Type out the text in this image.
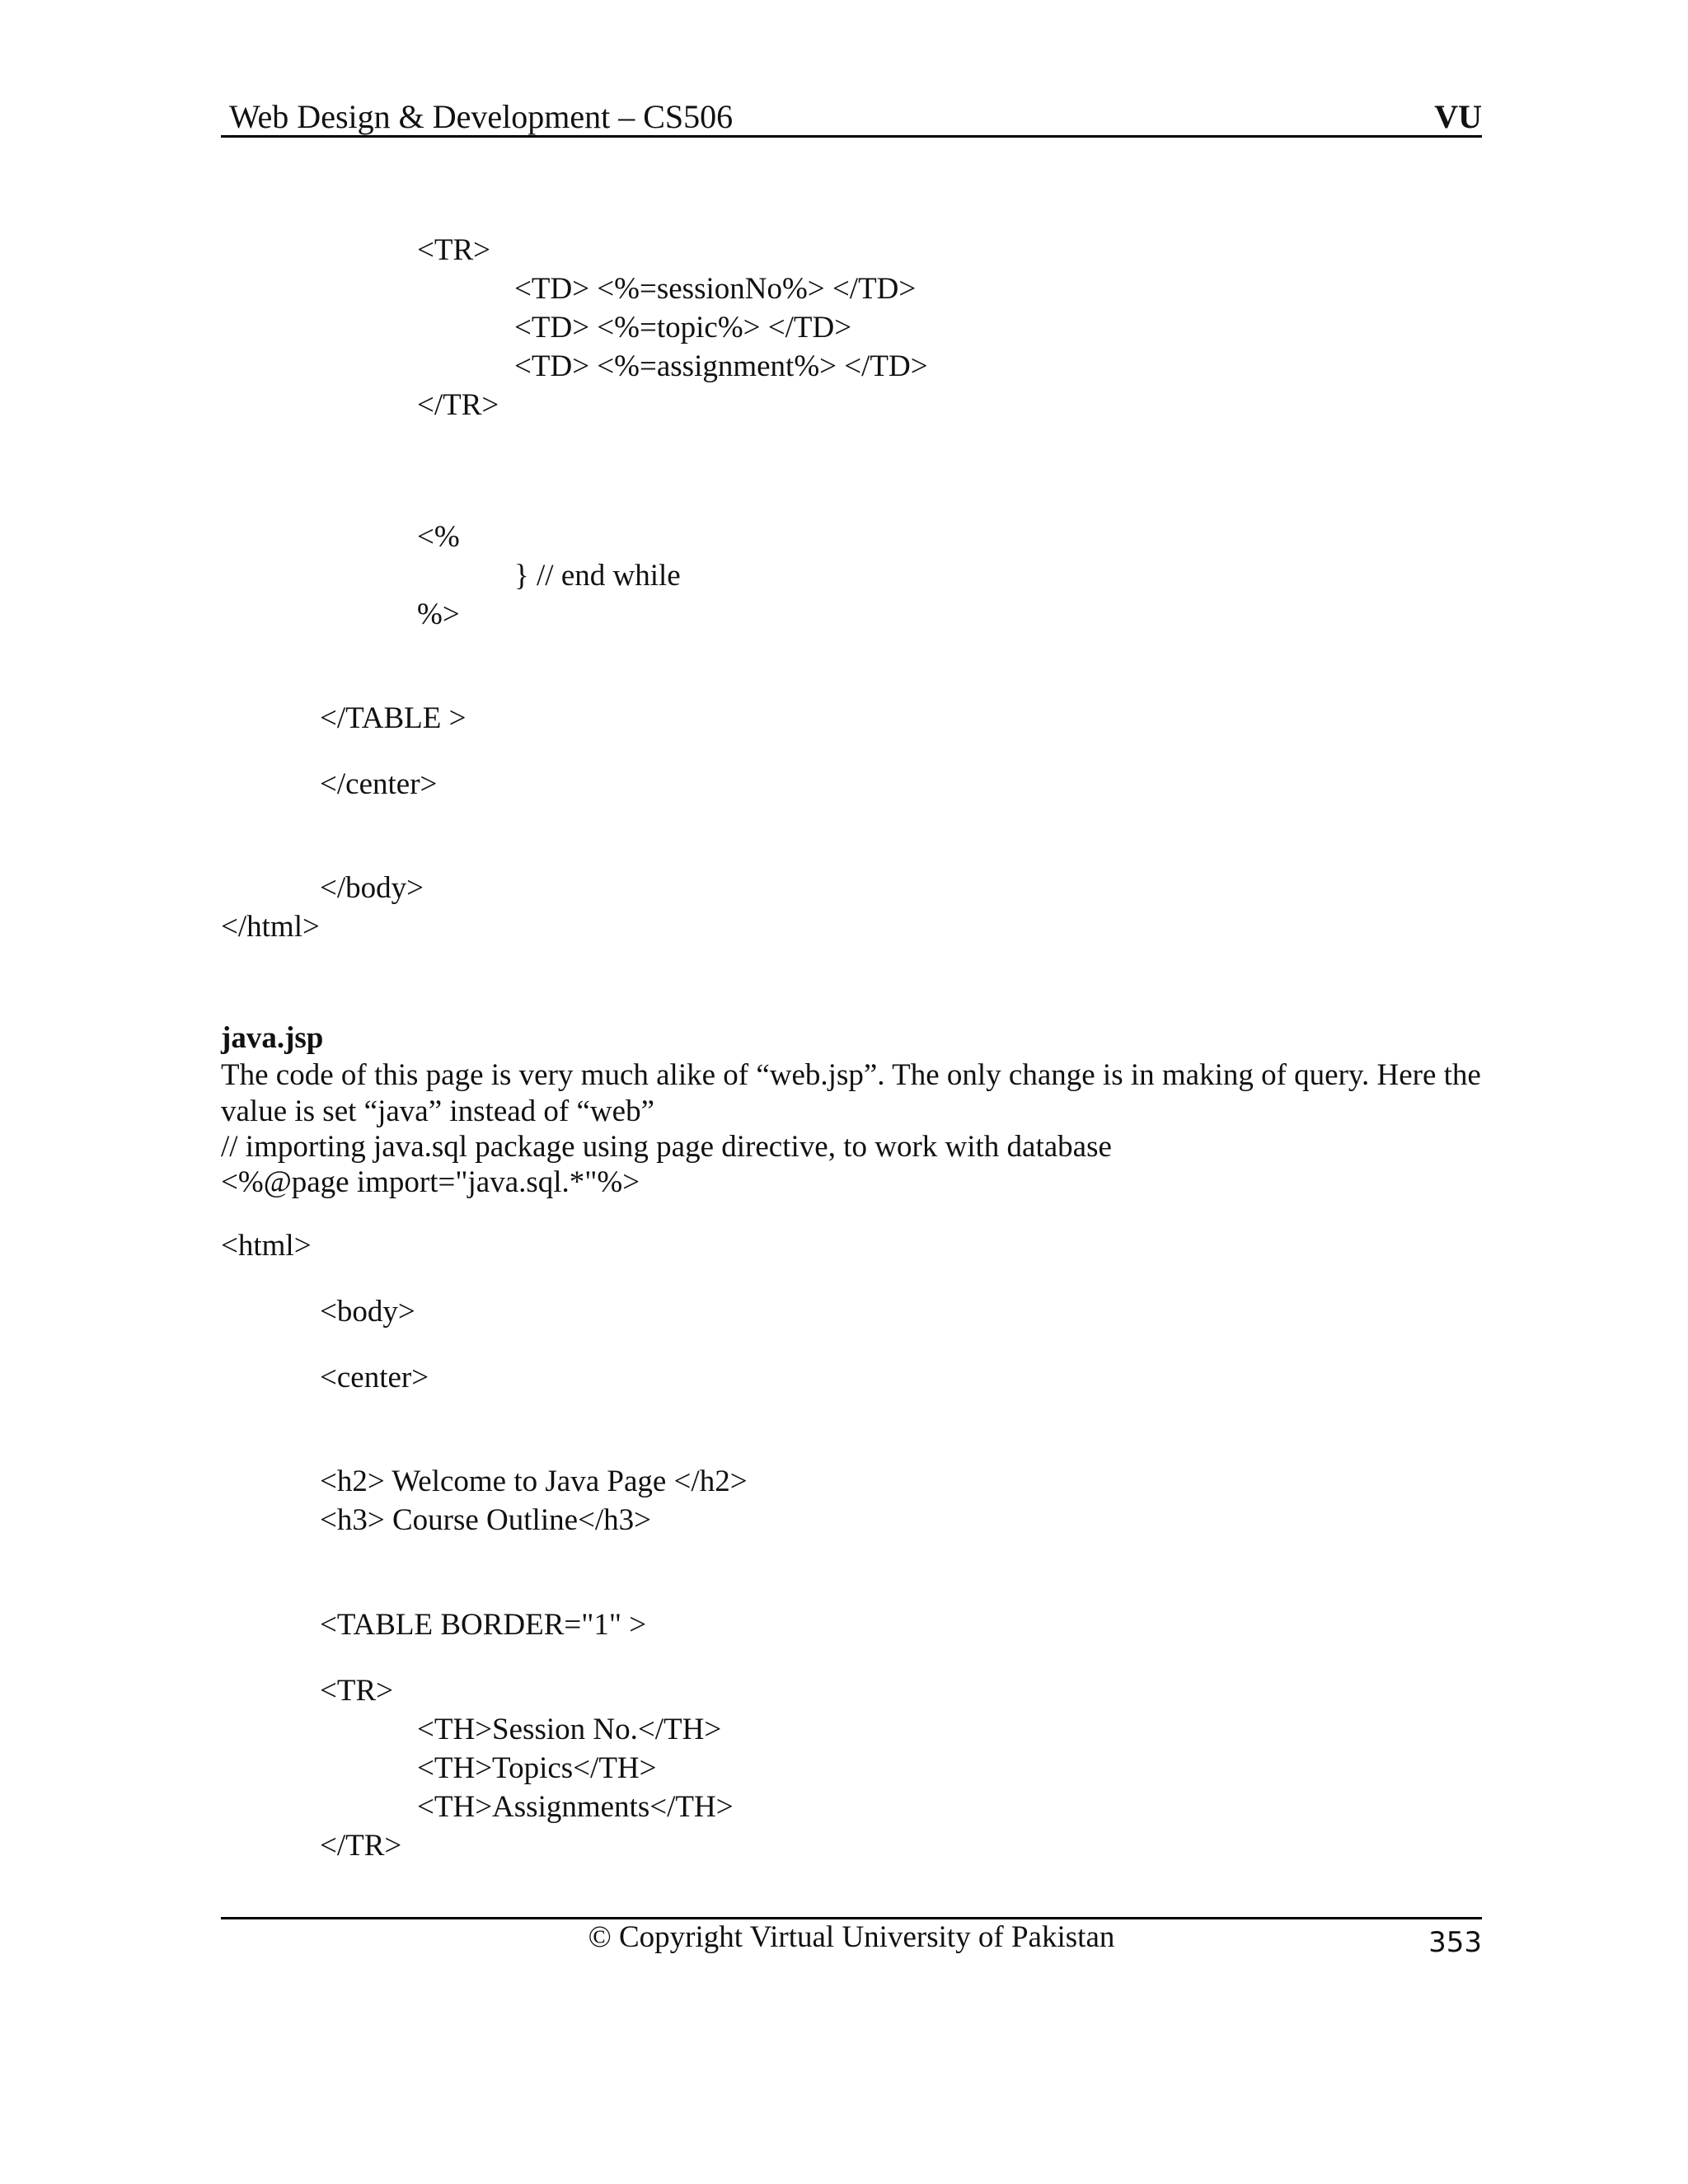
Web Design & Development – CS506	VU
<TR>
<TD> <%=sessionNo%> </TD>
<TD> <%=topic%> </TD>
<TD> <%=assignment%> </TD>
</TR>
<%
} // end while
%>
</TABLE >
</center>
</body>
</html>
java.jsp
The code of this page is very much alike of “web.jsp”. The only change is in making of query. Here the value is set “java” instead of “web”
// importing java.sql package using page directive, to work with database
<%@page import="java.sql.*"%>
<html>
<body>
<center>
<h2> Welcome to Java Page </h2>
<h3> Course Outline</h3>
<TABLE BORDER="1" >
<TR>
<TH>Session No.</TH>
<TH>Topics</TH>
<TH>Assignments</TH>
</TR>
© Copyright Virtual University of Pakistan	353
